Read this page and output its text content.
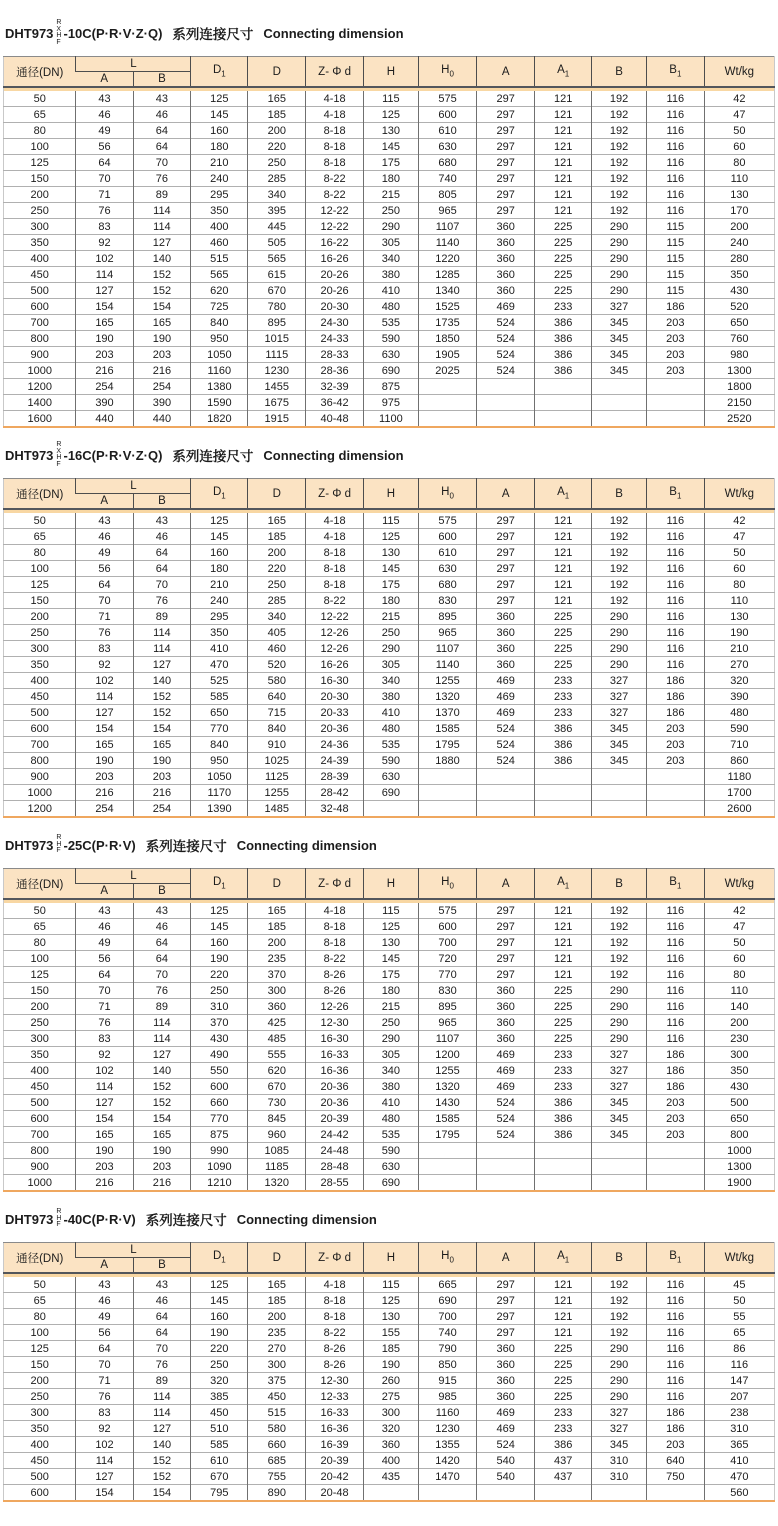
DHT973
R
X
H
F
-10C(P·R·V·Z·Q) 系列连接尺寸 Connecting dimension
通径(DN)	L		$D_1$	D	Z- Φ d	H	$H_0$	A	$A_1$	B	$B_1$	Wt/kg
	A	B										

50	43	43	125	165	4-18	115	575	297	121	192	116	42
65	46	46	145	185	4-18	125	600	297	121	192	116	47
80	49	64	160	200	8-18	130	610	297	121	192	116	50
100	56	64	180	220	8-18	145	630	297	121	192	116	60
125	64	70	210	250	8-18	175	680	297	121	192	116	80
150	70	76	240	285	8-22	180	740	297	121	192	116	110
200	71	89	295	340	8-22	215	805	297	121	192	116	130
250	76	114	350	395	12-22	250	965	297	121	192	116	170
300	83	114	400	445	12-22	290	1107	360	225	290	115	200
350	92	127	460	505	16-22	305	1140	360	225	290	115	240
400	102	140	515	565	16-26	340	1220	360	225	290	115	280
450	114	152	565	615	20-26	380	1285	360	225	290	115	350
500	127	152	620	670	20-26	410	1340	360	225	290	115	430
600	154	154	725	780	20-30	480	1525	469	233	327	186	520
700	165	165	840	895	24-30	535	1735	524	386	345	203	650
800	190	190	950	1015	24-33	590	1850	524	386	345	203	760
900	203	203	1050	1115	28-33	630	1905	524	386	345	203	980
1000	216	216	1160	1230	28-36	690	2025	524	386	345	203	1300
1200	254	254	1380	1455	32-39	875						1800
1400	390	390	1590	1675	36-42	975						2150
1600	440	440	1820	1915	40-48	1100						2520
DHT973
R
X
H
F
-16C(P·R·V·Z·Q) 系列连接尺寸 Connecting dimension
通径(DN)	L		$D_1$	D	Z- Φ d	H	$H_0$	A	$A_1$	B	$B_1$	Wt/kg
	A	B										

50	43	43	125	165	4-18	115	575	297	121	192	116	42
65	46	46	145	185	4-18	125	600	297	121	192	116	47
80	49	64	160	200	8-18	130	610	297	121	192	116	50
100	56	64	180	220	8-18	145	630	297	121	192	116	60
125	64	70	210	250	8-18	175	680	297	121	192	116	80
150	70	76	240	285	8-22	180	830	297	121	192	116	110
200	71	89	295	340	12-22	215	895	360	225	290	116	130
250	76	114	350	405	12-26	250	965	360	225	290	116	190
300	83	114	410	460	12-26	290	1107	360	225	290	116	210
350	92	127	470	520	16-26	305	1140	360	225	290	116	270
400	102	140	525	580	16-30	340	1255	469	233	327	186	320
450	114	152	585	640	20-30	380	1320	469	233	327	186	390
500	127	152	650	715	20-33	410	1370	469	233	327	186	480
600	154	154	770	840	20-36	480	1585	524	386	345	203	590
700	165	165	840	910	24-36	535	1795	524	386	345	203	710
800	190	190	950	1025	24-39	590	1880	524	386	345	203	860
900	203	203	1050	1125	28-39	630						1180
1000	216	216	1170	1255	28-42	690						1700
1200	254	254	1390	1485	32-48							2600
DHT973 R
H
F -25C(P·R·V) 系列连接尺寸 Connecting dimension
通径(DN)	L		$D_1$	D	Z- Φ d	H	$H_0$	A	$A_1$	B	$B_1$	Wt/kg
	A	B										

50	43	43	125	165	4-18	115	575	297	121	192	116	42
65	46	46	145	185	8-18	125	600	297	121	192	116	47
80	49	64	160	200	8-18	130	700	297	121	192	116	50
100	56	64	190	235	8-22	145	720	297	121	192	116	60
125	64	70	220	370	8-26	175	770	297	121	192	116	80
150	70	76	250	300	8-26	180	830	360	225	290	116	110
200	71	89	310	360	12-26	215	895	360	225	290	116	140
250	76	114	370	425	12-30	250	965	360	225	290	116	200
300	83	114	430	485	16-30	290	1107	360	225	290	116	230
350	92	127	490	555	16-33	305	1200	469	233	327	186	300
400	102	140	550	620	16-36	340	1255	469	233	327	186	350
450	114	152	600	670	20-36	380	1320	469	233	327	186	430
500	127	152	660	730	20-36	410	1430	524	386	345	203	500
600	154	154	770	845	20-39	480	1585	524	386	345	203	650
700	165	165	875	960	24-42	535	1795	524	386	345	203	800
800	190	190	990	1085	24-48	590						1000
900	203	203	1090	1185	28-48	630						1300
1000	216	216	1210	1320	28-55	690						1900
DHT973 R
H
F -40C(P·R·V) 系列连接尺寸 Connecting dimension
通径(DN)	L		$D_1$	D	Z- Φ d	H	$H_0$	A	$A_1$	B	$B_1$	Wt/kg
	A	B										

50	43	43	125	165	4-18	115	665	297	121	192	116	45
65	46	46	145	185	8-18	125	690	297	121	192	116	50
80	49	64	160	200	8-18	130	700	297	121	192	116	55
100	56	64	190	235	8-22	155	740	297	121	192	116	65
125	64	70	220	270	8-26	185	790	360	225	290	116	86
150	70	76	250	300	8-26	190	850	360	225	290	116	116
200	71	89	320	375	12-30	260	915	360	225	290	116	147
250	76	114	385	450	12-33	275	985	360	225	290	116	207
300	83	114	450	515	16-33	300	1160	469	233	327	186	238
350	92	127	510	580	16-36	320	1230	469	233	327	186	310
400	102	140	585	660	16-39	360	1355	524	386	345	203	365
450	114	152	610	685	20-39	400	1420	540	437	310	640	410
500	127	152	670	755	20-42	435	1470	540	437	310	750	470
600	154	154	795	890	20-48							560
